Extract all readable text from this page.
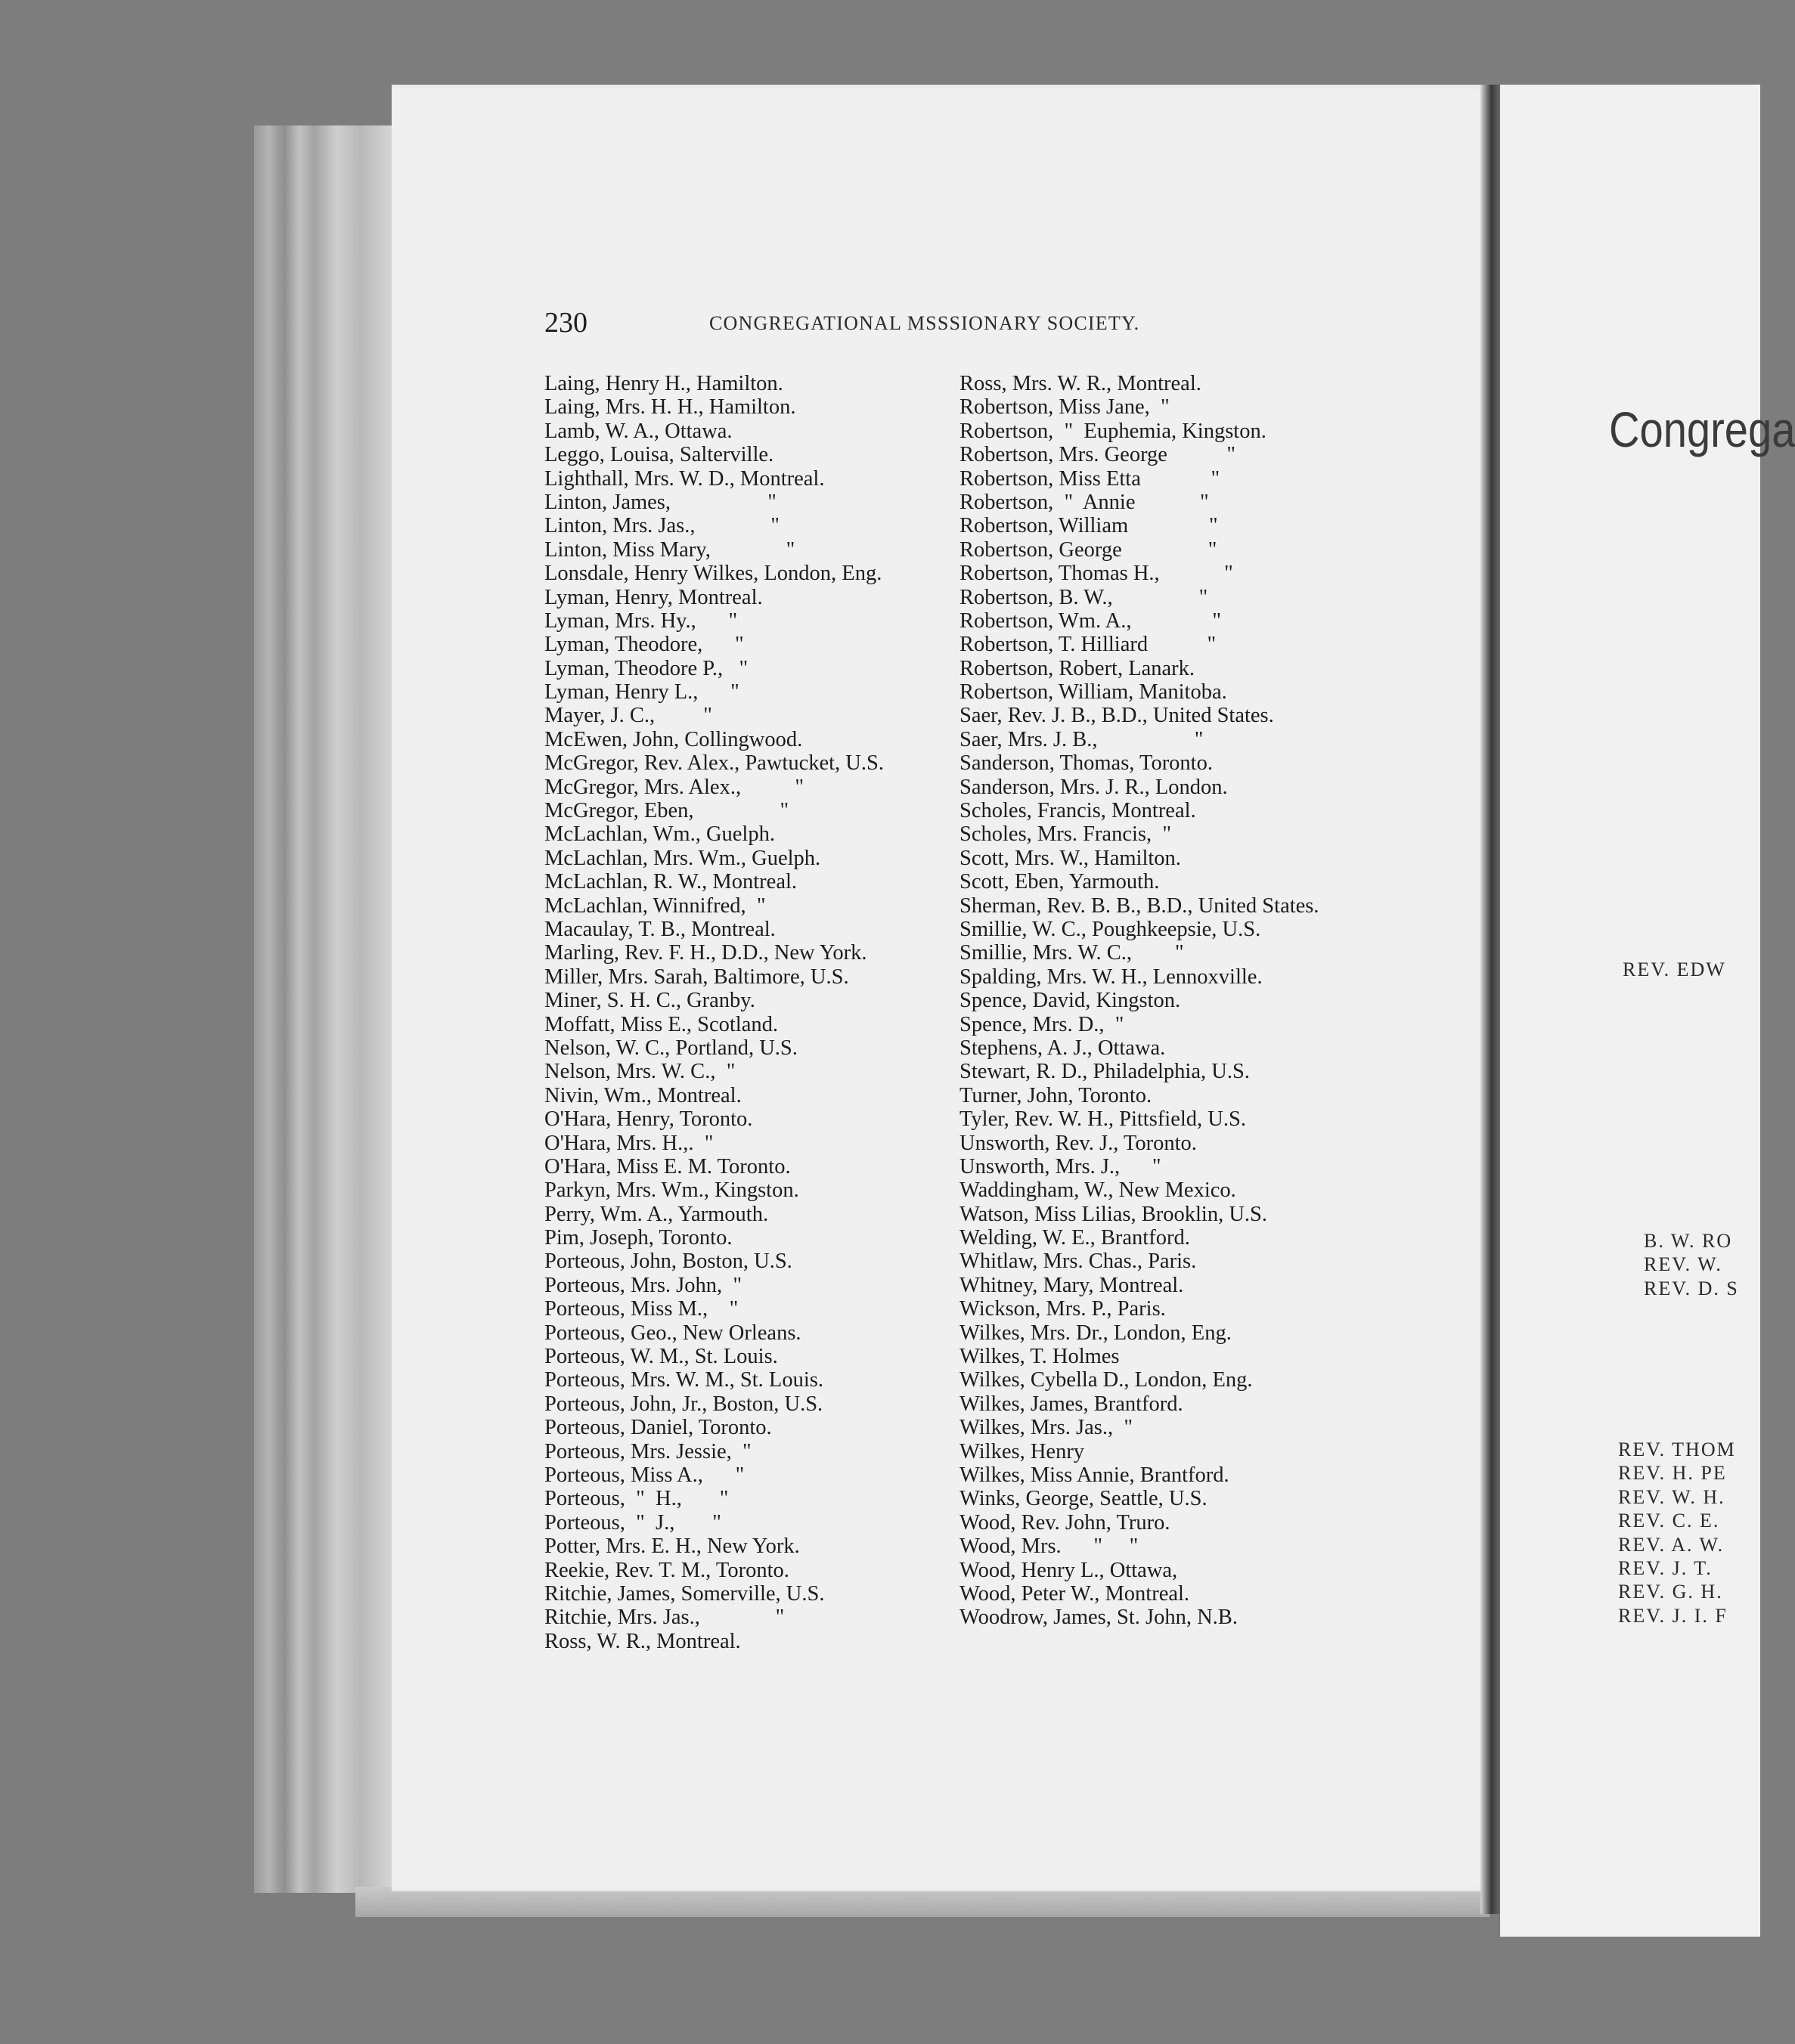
230	CONGREGATIONAL MSSSIONARY SOCIETY.
Laing, Henry H., Hamilton.
Laing, Mrs. H. H., Hamilton.
Lamb, W. A., Ottawa.
Leggo, Louisa, Salterville.
Lighthall, Mrs. W. D., Montreal.
Linton, James,                  "
Linton, Mrs. Jas.,              "
Linton, Miss Mary,              "
Lonsdale, Henry Wilkes, London, Eng.
Lyman, Henry, Montreal.
Lyman, Mrs. Hy.,      "
Lyman, Theodore,      "
Lyman, Theodore P.,   "
Lyman, Henry L.,      "
Mayer, J. C.,         "
McEwen, John, Collingwood.
McGregor, Rev. Alex., Pawtucket, U.S.
McGregor, Mrs. Alex.,          "
McGregor, Eben,                "
McLachlan, Wm., Guelph.
McLachlan, Mrs. Wm., Guelph.
McLachlan, R. W., Montreal.
McLachlan, Winnifred,  "
Macaulay, T. B., Montreal.
Marling, Rev. F. H., D.D., New York.
Miller, Mrs. Sarah, Baltimore, U.S.
Miner, S. H. C., Granby.
Moffatt, Miss E., Scotland.
Nelson, W. C., Portland, U.S.
Nelson, Mrs. W. C.,  "
Nivin, Wm., Montreal.
O'Hara, Henry, Toronto.
O'Hara, Mrs. H.,.  "
O'Hara, Miss E. M. Toronto.
Parkyn, Mrs. Wm., Kingston.
Perry, Wm. A., Yarmouth.
Pim, Joseph, Toronto.
Porteous, John, Boston, U.S.
Porteous, Mrs. John,  "
Porteous, Miss M.,    "
Porteous, Geo., New Orleans.
Porteous, W. M., St. Louis.
Porteous, Mrs. W. M., St. Louis.
Porteous, John, Jr., Boston, U.S.
Porteous, Daniel, Toronto.
Porteous, Mrs. Jessie,  "
Porteous, Miss A.,      "
Porteous,  "  H.,       "
Porteous,  "  J.,       "
Potter, Mrs. E. H., New York.
Reekie, Rev. T. M., Toronto.
Ritchie, James, Somerville, U.S.
Ritchie, Mrs. Jas.,              "
Ross, W. R., Montreal.
Ross, Mrs. W. R., Montreal.
Robertson, Miss Jane,  "
Robertson,  "  Euphemia, Kingston.
Robertson, Mrs. George           "
Robertson, Miss Etta             "
Robertson,  "  Annie            "
Robertson, William               "
Robertson, George                "
Robertson, Thomas H.,            "
Robertson, B. W.,                "
Robertson, Wm. A.,               "
Robertson, T. Hilliard           "
Robertson, Robert, Lanark.
Robertson, William, Manitoba.
Saer, Rev. J. B., B.D., United States.
Saer, Mrs. J. B.,                  "
Sanderson, Thomas, Toronto.
Sanderson, Mrs. J. R., London.
Scholes, Francis, Montreal.
Scholes, Mrs. Francis,  "
Scott, Mrs. W., Hamilton.
Scott, Eben, Yarmouth.
Sherman, Rev. B. B., B.D., United States.
Smillie, W. C., Poughkeepsie, U.S.
Smillie, Mrs. W. C.,        "
Spalding, Mrs. W. H., Lennoxville.
Spence, David, Kingston.
Spence, Mrs. D.,  "
Stephens, A. J., Ottawa.
Stewart, R. D., Philadelphia, U.S.
Turner, John, Toronto.
Tyler, Rev. W. H., Pittsfield, U.S.
Unsworth, Rev. J., Toronto.
Unsworth, Mrs. J.,      "
Waddingham, W., New Mexico.
Watson, Miss Lilias, Brooklin, U.S.
Welding, W. E., Brantford.
Whitlaw, Mrs. Chas., Paris.
Whitney, Mary, Montreal.
Wickson, Mrs. P., Paris.
Wilkes, Mrs. Dr., London, Eng.
Wilkes, T. Holmes
Wilkes, Cybella D., London, Eng.
Wilkes, James, Brantford.
Wilkes, Mrs. Jas.,  "
Wilkes, Henry
Wilkes, Miss Annie, Brantford.
Winks, George, Seattle, U.S.
Wood, Rev. John, Truro.
Wood, Mrs.      "     "
Wood, Henry L., Ottawa,
Wood, Peter W., Montreal.
Woodrow, James, St. John, N.B.
Congrega
REV. EDW
B. W. RO
REV. W.
REV. D. S
REV. THOM
REV. H. PE
REV. W. H.
REV. C. E.
REV. A. W.
REV. J. T.
REV. G. H.
REV. J. I. F
